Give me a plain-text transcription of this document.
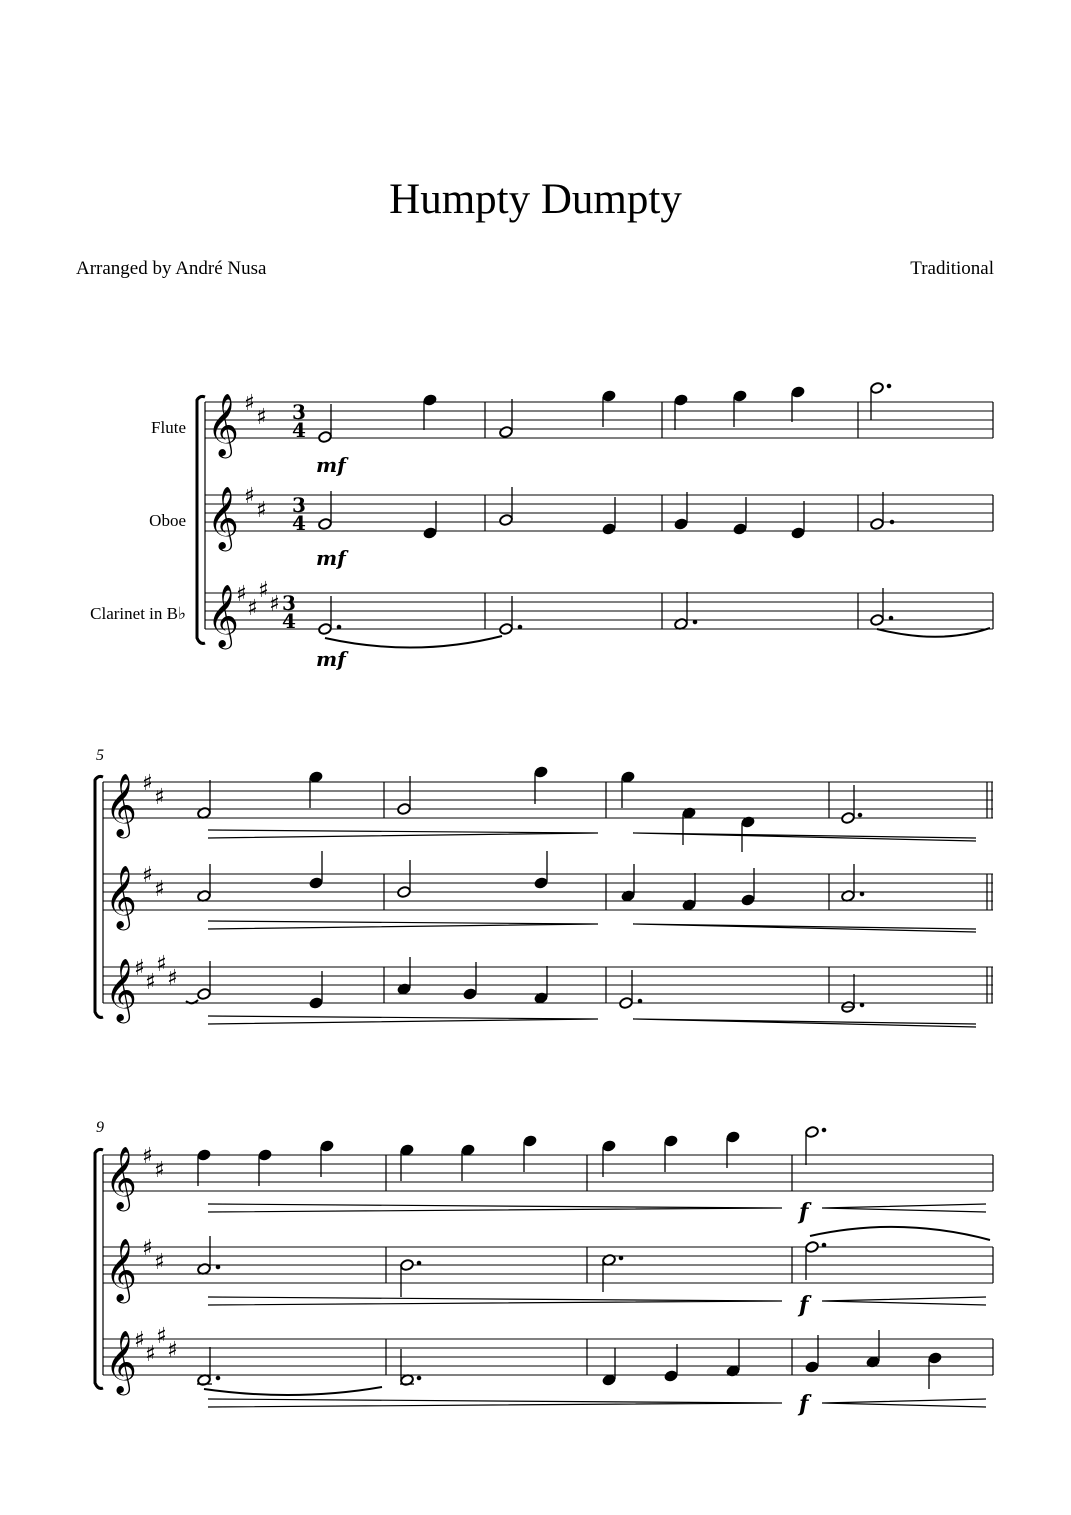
Humpty Dumpty
Arranged by André Nusa	Traditional
Flute
Oboe
Clarinet in B♭
𝄞
𝄞
𝄞
♯
♯
♯
♯
♯
♯
♯
♯
3
4
3
4
3
4
mf
mf
mf
5
𝄞
𝄞
𝄞
♯
♯
♯
♯
♯
♯
♯
♯
9
𝄞
𝄞
𝄞
♯
♯
♯
♯
♯
♯
♯
♯
f
f
f
